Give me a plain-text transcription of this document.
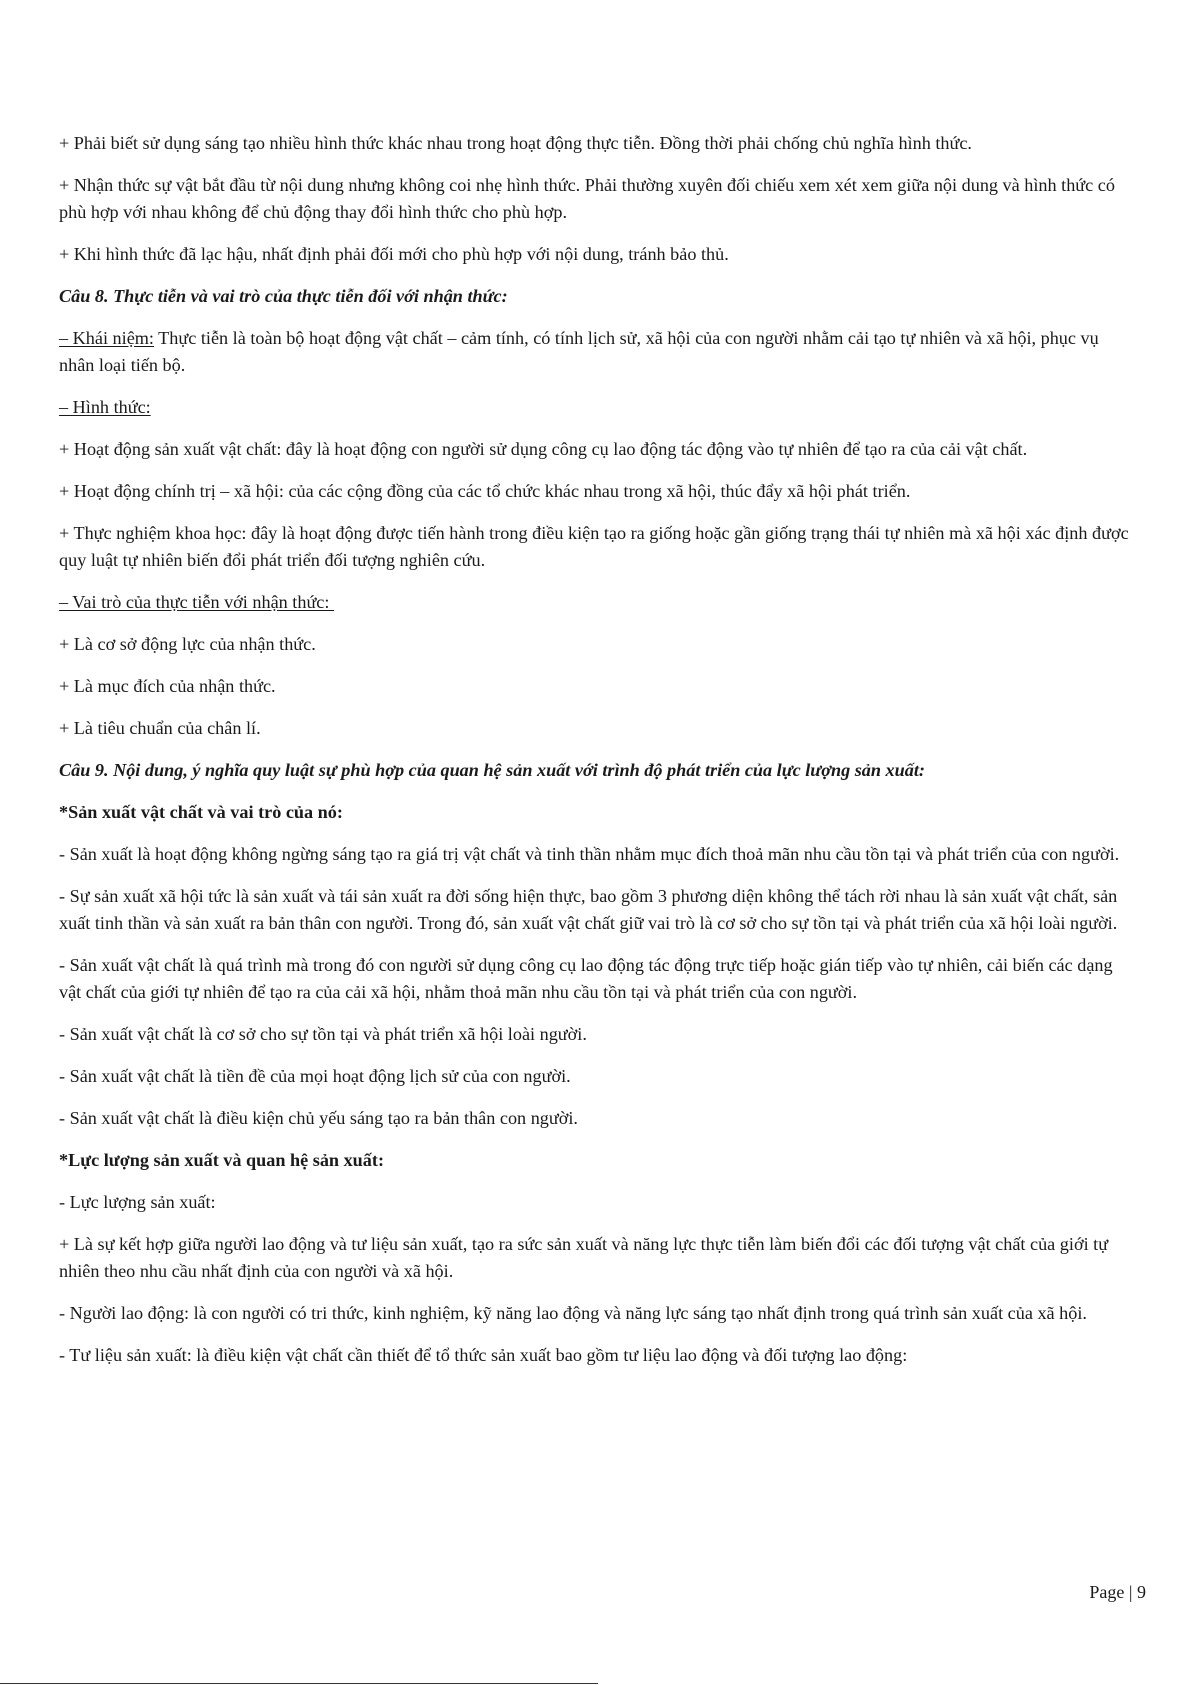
+ Phải biết sử dụng sáng tạo nhiều hình thức khác nhau trong hoạt động thực tiễn. Đồng thời phải chống chủ nghĩa hình thức.

+ Nhận thức sự vật bắt đầu từ nội dung nhưng không coi nhẹ hình thức. Phải thường xuyên đối chiếu xem xét xem giữa nội dung và hình thức có phù hợp với nhau không để chủ động thay đổi hình thức cho phù hợp.

+ Khi hình thức đã lạc hậu, nhất định phải đối mới cho phù hợp với nội dung, tránh bảo thủ.

Câu 8. Thực tiễn và vai trò của thực tiễn đối với nhận thức:

– Khái niệm: Thực tiễn là toàn bộ hoạt động vật chất – cảm tính, có tính lịch sử, xã hội của con người nhằm cải tạo tự nhiên và xã hội, phục vụ nhân loại tiến bộ.

– Hình thức:

+ Hoạt động sản xuất vật chất: đây là hoạt động con người sử dụng công cụ lao động tác động vào tự nhiên để tạo ra của cải vật chất.

+ Hoạt động chính trị – xã hội: của các cộng đồng của các tổ chức khác nhau trong xã hội, thúc đẩy xã hội phát triển.

+ Thực nghiệm khoa học: đây là hoạt động được tiến hành trong điều kiện tạo ra giống hoặc gần giống trạng thái tự nhiên mà xã hội xác định được quy luật tự nhiên biến đổi phát triển đối tượng nghiên cứu.

– Vai trò của thực tiễn với nhận thức:

+ Là cơ sở động lực của nhận thức.

+ Là mục đích của nhận thức.

+ Là tiêu chuẩn của chân lí.

Câu 9. Nội dung, ý nghĩa quy luật sự phù hợp của quan hệ sản xuất với trình độ phát triển của lực lượng sản xuất:

*Sản xuất vật chất và vai trò của nó:

- Sản xuất là hoạt động không ngừng sáng tạo ra giá trị vật chất và tinh thần nhằm mục đích thoả mãn nhu cầu tồn tại và phát triển của con người.

- Sự sản xuất xã hội tức là sản xuất và tái sản xuất ra đời sống hiện thực, bao gồm 3 phương diện không thể tách rời nhau là sản xuất vật chất, sản xuất tinh thần và sản xuất ra bản thân con người. Trong đó, sản xuất vật chất giữ vai trò là cơ sở cho sự tồn tại và phát triển của xã hội loài người.

- Sản xuất vật chất là quá trình mà trong đó con người sử dụng công cụ lao động tác động trực tiếp hoặc gián tiếp vào tự nhiên, cải biến các dạng vật chất của giới tự nhiên để tạo ra của cải xã hội, nhằm thoả mãn nhu cầu tồn tại và phát triển của con người.

- Sản xuất vật chất là cơ sở cho sự tồn tại và phát triển xã hội loài người.

- Sản xuất vật chất là tiền đề của mọi hoạt động lịch sử của con người.

- Sản xuất vật chất là điều kiện chủ yếu sáng tạo ra bản thân con người.

*Lực lượng sản xuất và quan hệ sản xuất:

- Lực lượng sản xuất:

+ Là sự kết hợp giữa người lao động và tư liệu sản xuất, tạo ra sức sản xuất và năng lực thực tiễn làm biến đổi các đối tượng vật chất của giới tự nhiên theo nhu cầu nhất định của con người và xã hội.

- Người lao động: là con người có tri thức, kinh nghiệm, kỹ năng lao động và năng lực sáng tạo nhất định trong quá trình sản xuất của xã hội.

- Tư liệu sản xuất: là điều kiện vật chất cần thiết để tổ thức sản xuất bao gồm tư liệu lao động và đối tượng lao động:

Page | 9
